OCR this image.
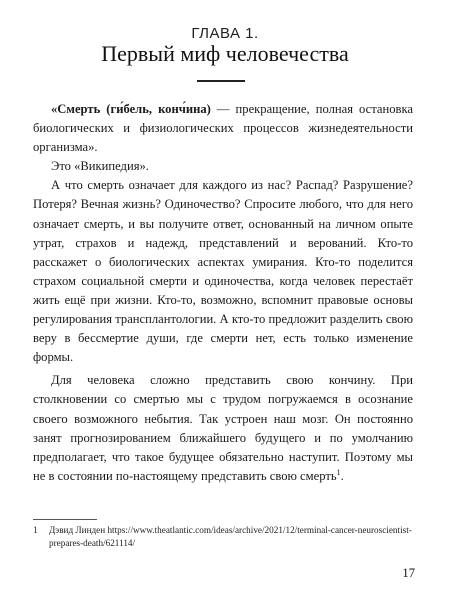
ГЛАВА 1.
Первый миф человечества

«Смерть (ги́бель, конч́ина) — прекращение, полная остановка биологических и физиологических процессов жизнедеятельности организма».

Это «Википедия».

А что смерть означает для каждого из нас? Распад? Разрушение? Потеря? Вечная жизнь? Одиночество? Спросите любого, что для него означает смерть, и вы получите ответ, основанный на личном опыте утрат, страхов и надежд, представлений и верований. Кто-то расскажет о биологических аспектах умирания. Кто-то поделится страхом социальной смерти и одиночества, когда человек перестаёт жить ещё при жизни. Кто-то, возможно, вспомнит правовые основы регулирования трансплантологии. А кто-то предложит разделить свою веру в бессмертие души, где смерти нет, есть только изменение формы.

Для человека сложно представить свою кончину. При столкновении со смертью мы с трудом погружаемся в осознание своего возможного небытия. Так устроен наш мозг. Он постоянно занят прогнозированием ближайшего будущего и по умолчанию предполагает, что такое будущее обязательно наступит. Поэтому мы не в состоянии по-настоящему представить свою смерть$^1$.

1	Дэвид Линден https://www.theatlantic.com/ideas/archive/2021/12/terminal-cancer-neuroscientist-prepares-death/621114/
17
